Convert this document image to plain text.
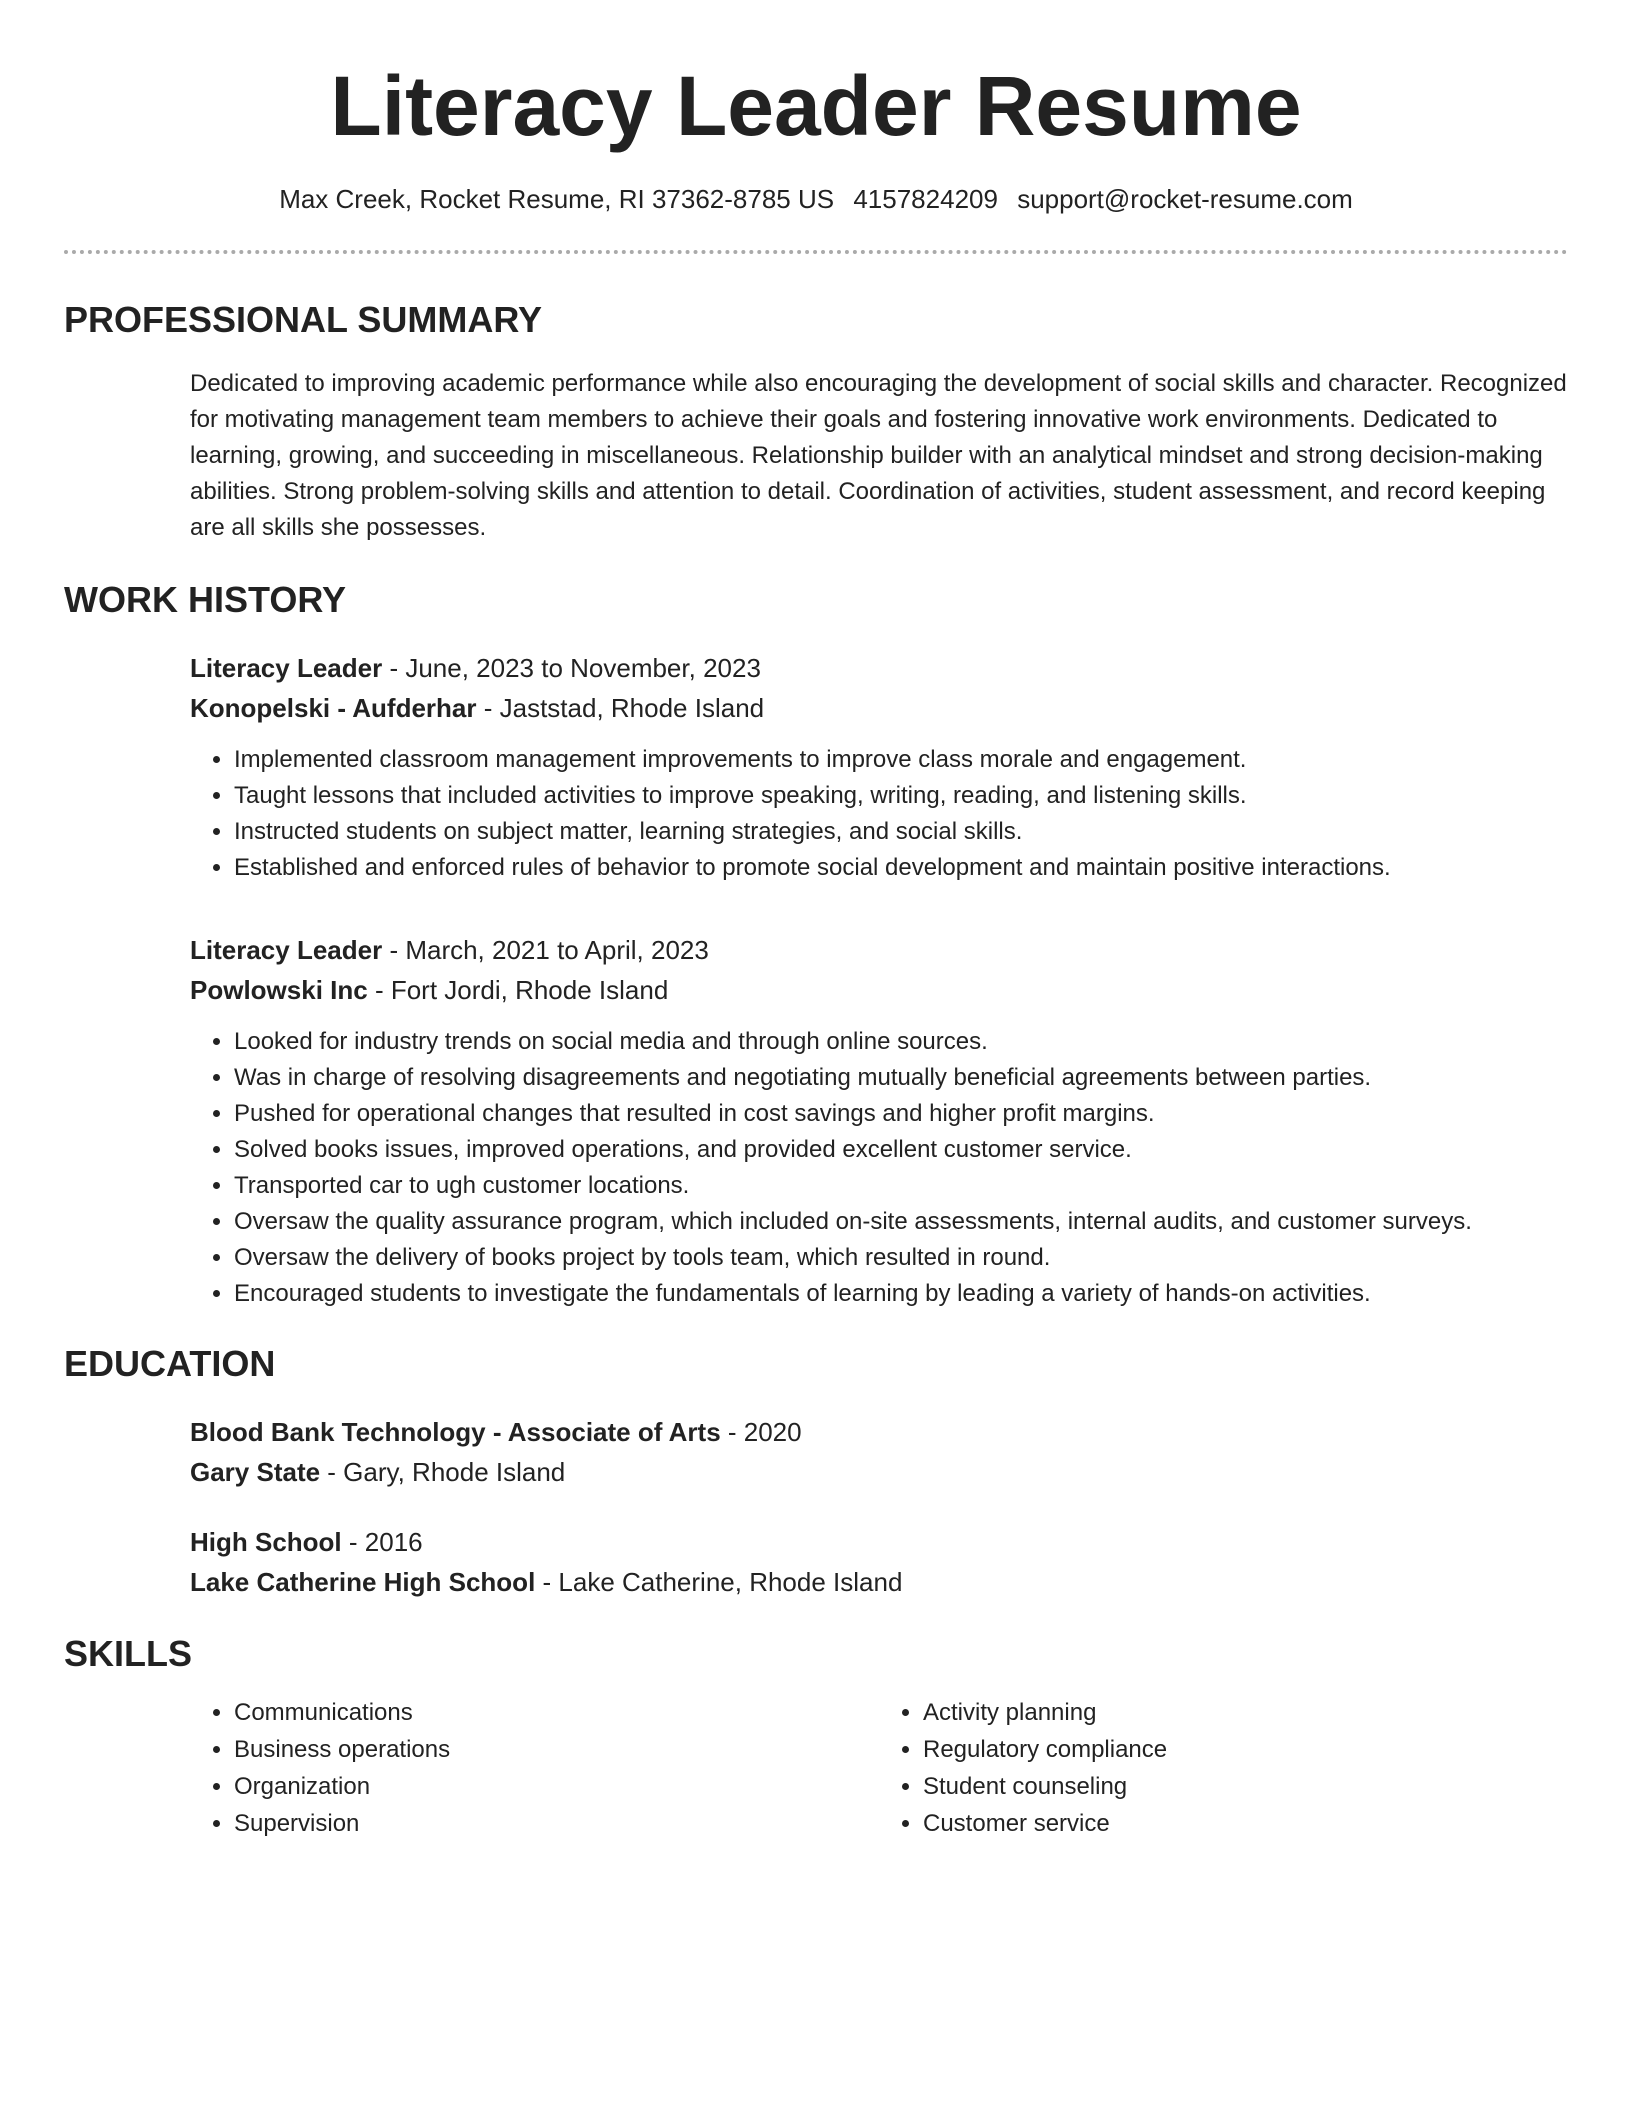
Literacy Leader Resume
Max Creek, Rocket Resume, RI 37362-8785 US 4157824209 support@rocket-resume.com
PROFESSIONAL SUMMARY
Dedicated to improving academic performance while also encouraging the development of social skills and character. Recognized for motivating management team members to achieve their goals and fostering innovative work environments. Dedicated to learning, growing, and succeeding in miscellaneous. Relationship builder with an analytical mindset and strong decision-making abilities. Strong problem-solving skills and attention to detail. Coordination of activities, student assessment, and record keeping are all skills she possesses.
WORK HISTORY
Literacy Leader - June, 2023 to November, 2023
Konopelski - Aufderhar - Jaststad, Rhode Island
• Implemented classroom management improvements to improve class morale and engagement.
• Taught lessons that included activities to improve speaking, writing, reading, and listening skills.
• Instructed students on subject matter, learning strategies, and social skills.
• Established and enforced rules of behavior to promote social development and maintain positive interactions.
Literacy Leader - March, 2021 to April, 2023
Powlowski Inc - Fort Jordi, Rhode Island
• Looked for industry trends on social media and through online sources.
• Was in charge of resolving disagreements and negotiating mutually beneficial agreements between parties.
• Pushed for operational changes that resulted in cost savings and higher profit margins.
• Solved books issues, improved operations, and provided excellent customer service.
• Transported car to ugh customer locations.
• Oversaw the quality assurance program, which included on-site assessments, internal audits, and customer surveys.
• Oversaw the delivery of books project by tools team, which resulted in round.
• Encouraged students to investigate the fundamentals of learning by leading a variety of hands-on activities.
EDUCATION
Blood Bank Technology - Associate of Arts - 2020
Gary State - Gary, Rhode Island
High School - 2016
Lake Catherine High School - Lake Catherine, Rhode Island
SKILLS
• Communications
• Business operations
• Organization
• Supervision
• Activity planning
• Regulatory compliance
• Student counseling
• Customer service
